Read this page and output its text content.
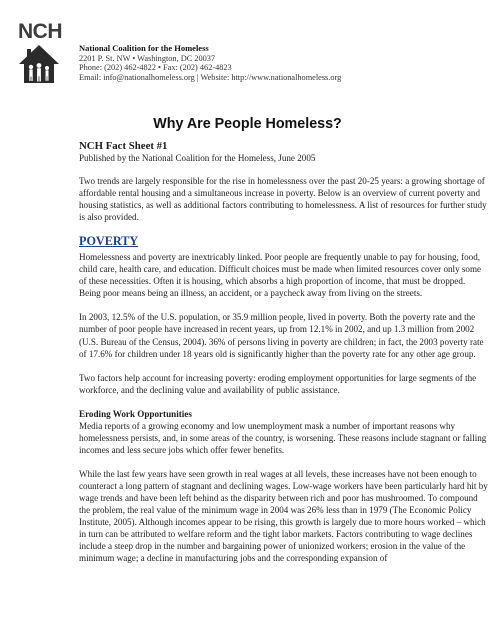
NCH
National Coalition for the Homeless
2201 P. St. NW • Washington, DC 20037
Phone: (202) 462-4822 • Fax: (202) 462-4823
Email: info@nationalhomeless.org | Website: http://www.nationalhomeless.org
Why Are People Homeless?
NCH Fact Sheet #1
Published by the National Coalition for the Homeless, June 2005

Two trends are largely responsible for the rise in homelessness over the past 20-25 years: a growing shortage of affordable rental housing and a simultaneous increase in poverty. Below is an overview of current poverty and housing statistics, as well as additional factors contributing to homelessness. A list of resources for further study is also provided.

POVERTY

Homelessness and poverty are inextricably linked. Poor people are frequently unable to pay for housing, food, child care, health care, and education. Difficult choices must be made when limited resources cover only some of these necessities. Often it is housing, which absorbs a high proportion of income, that must be dropped. Being poor means being an illness, an accident, or a paycheck away from living on the streets.

In 2003, 12.5% of the U.S. population, or 35.9 million people, lived in poverty. Both the poverty rate and the number of poor people have increased in recent years, up from 12.1% in 2002, and up 1.3 million from 2002 (U.S. Bureau of the Census, 2004). 36% of persons living in poverty are children; in fact, the 2003 poverty rate of 17.6% for children under 18 years old is significantly higher than the poverty rate for any other age group.

Two factors help account for increasing poverty: eroding employment opportunities for large segments of the workforce, and the declining value and availability of public assistance.

Eroding Work Opportunities

Media reports of a growing economy and low unemployment mask a number of important reasons why homelessness persists, and, in some areas of the country, is worsening. These reasons include stagnant or falling incomes and less secure jobs which offer fewer benefits.

While the last few years have seen growth in real wages at all levels, these increases have not been enough to counteract a long pattern of stagnant and declining wages. Low-wage workers have been particularly hard hit by wage trends and have been left behind as the disparity between rich and poor has mushroomed. To compound the problem, the real value of the minimum wage in 2004 was 26% less than in 1979 (The Economic Policy Institute, 2005). Although incomes appear to be rising, this growth is largely due to more hours worked – which in turn can be attributed to welfare reform and the tight labor markets. Factors contributing to wage declines include a steep drop in the number and bargaining power of unionized workers; erosion in the value of the minimum wage; a decline in manufacturing jobs and the corresponding expansion of
